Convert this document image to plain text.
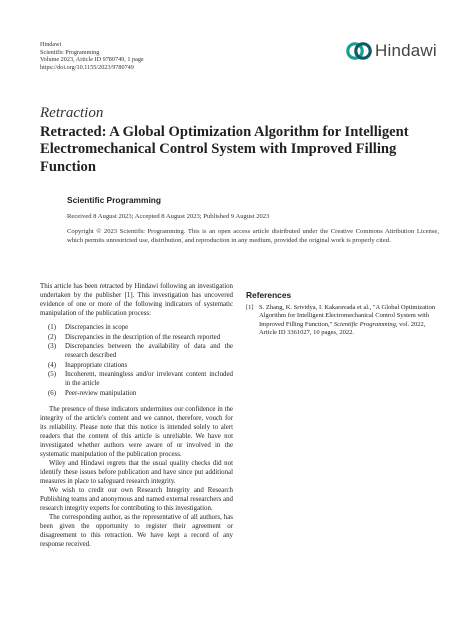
Hindawi
Scientific Programming
Volume 2023, Article ID 9780749, 1 page
https://doi.org/10.1155/2023/9780749
Hindawi
Retraction
Retracted: A Global Optimization Algorithm for Intelligent Electromechanical Control System with Improved Filling Function
Scientific Programming
Received 8 August 2023; Accepted 8 August 2023; Published 9 August 2023
Copyright © 2023 Scientific Programming. This is an open access article distributed under the Creative Commons Attribution License, which permits unrestricted use, distribution, and reproduction in any medium, provided the original work is properly cited.

This article has been retracted by Hindawi following an investigation undertaken by the publisher [1]. This investigation has uncovered evidence of one or more of the following indicators of systematic manipulation of the publication process:

(1)	Discrepancies in scope
(2)	Discrepancies in the description of the research reported
(3)	Discrepancies between the availability of data and the research described
(4)	Inappropriate citations
(5)	Incoherent, meaningless and/or irrelevant content included in the article
(6)	Peer-review manipulation

The presence of these indicators undermines our confidence in the integrity of the article's content and we cannot, therefore, vouch for its reliability. Please note that this notice is intended solely to alert readers that the content of this article is unreliable. We have not investigated whether authors were aware of or involved in the systematic manipulation of the publication process.

Wiley and Hindawi regrets that the usual quality checks did not identify these issues before publication and have since put additional measures in place to safeguard research integrity.

We wish to credit our own Research Integrity and Research Publishing teams and anonymous and named external researchers and research integrity experts for contributing to this investigation.

The corresponding author, as the representative of all authors, has been given the opportunity to register their agreement or disagreement to this retraction. We have kept a record of any response received.

References
[1] S. Zhang, K. Srividya, I. Kakaravada et al., "A Global Optimization Algorithm for Intelligent Electromechanical Control System with Improved Filling Function," Scientific Programming, vol. 2022, Article ID 3361027, 10 pages, 2022.
